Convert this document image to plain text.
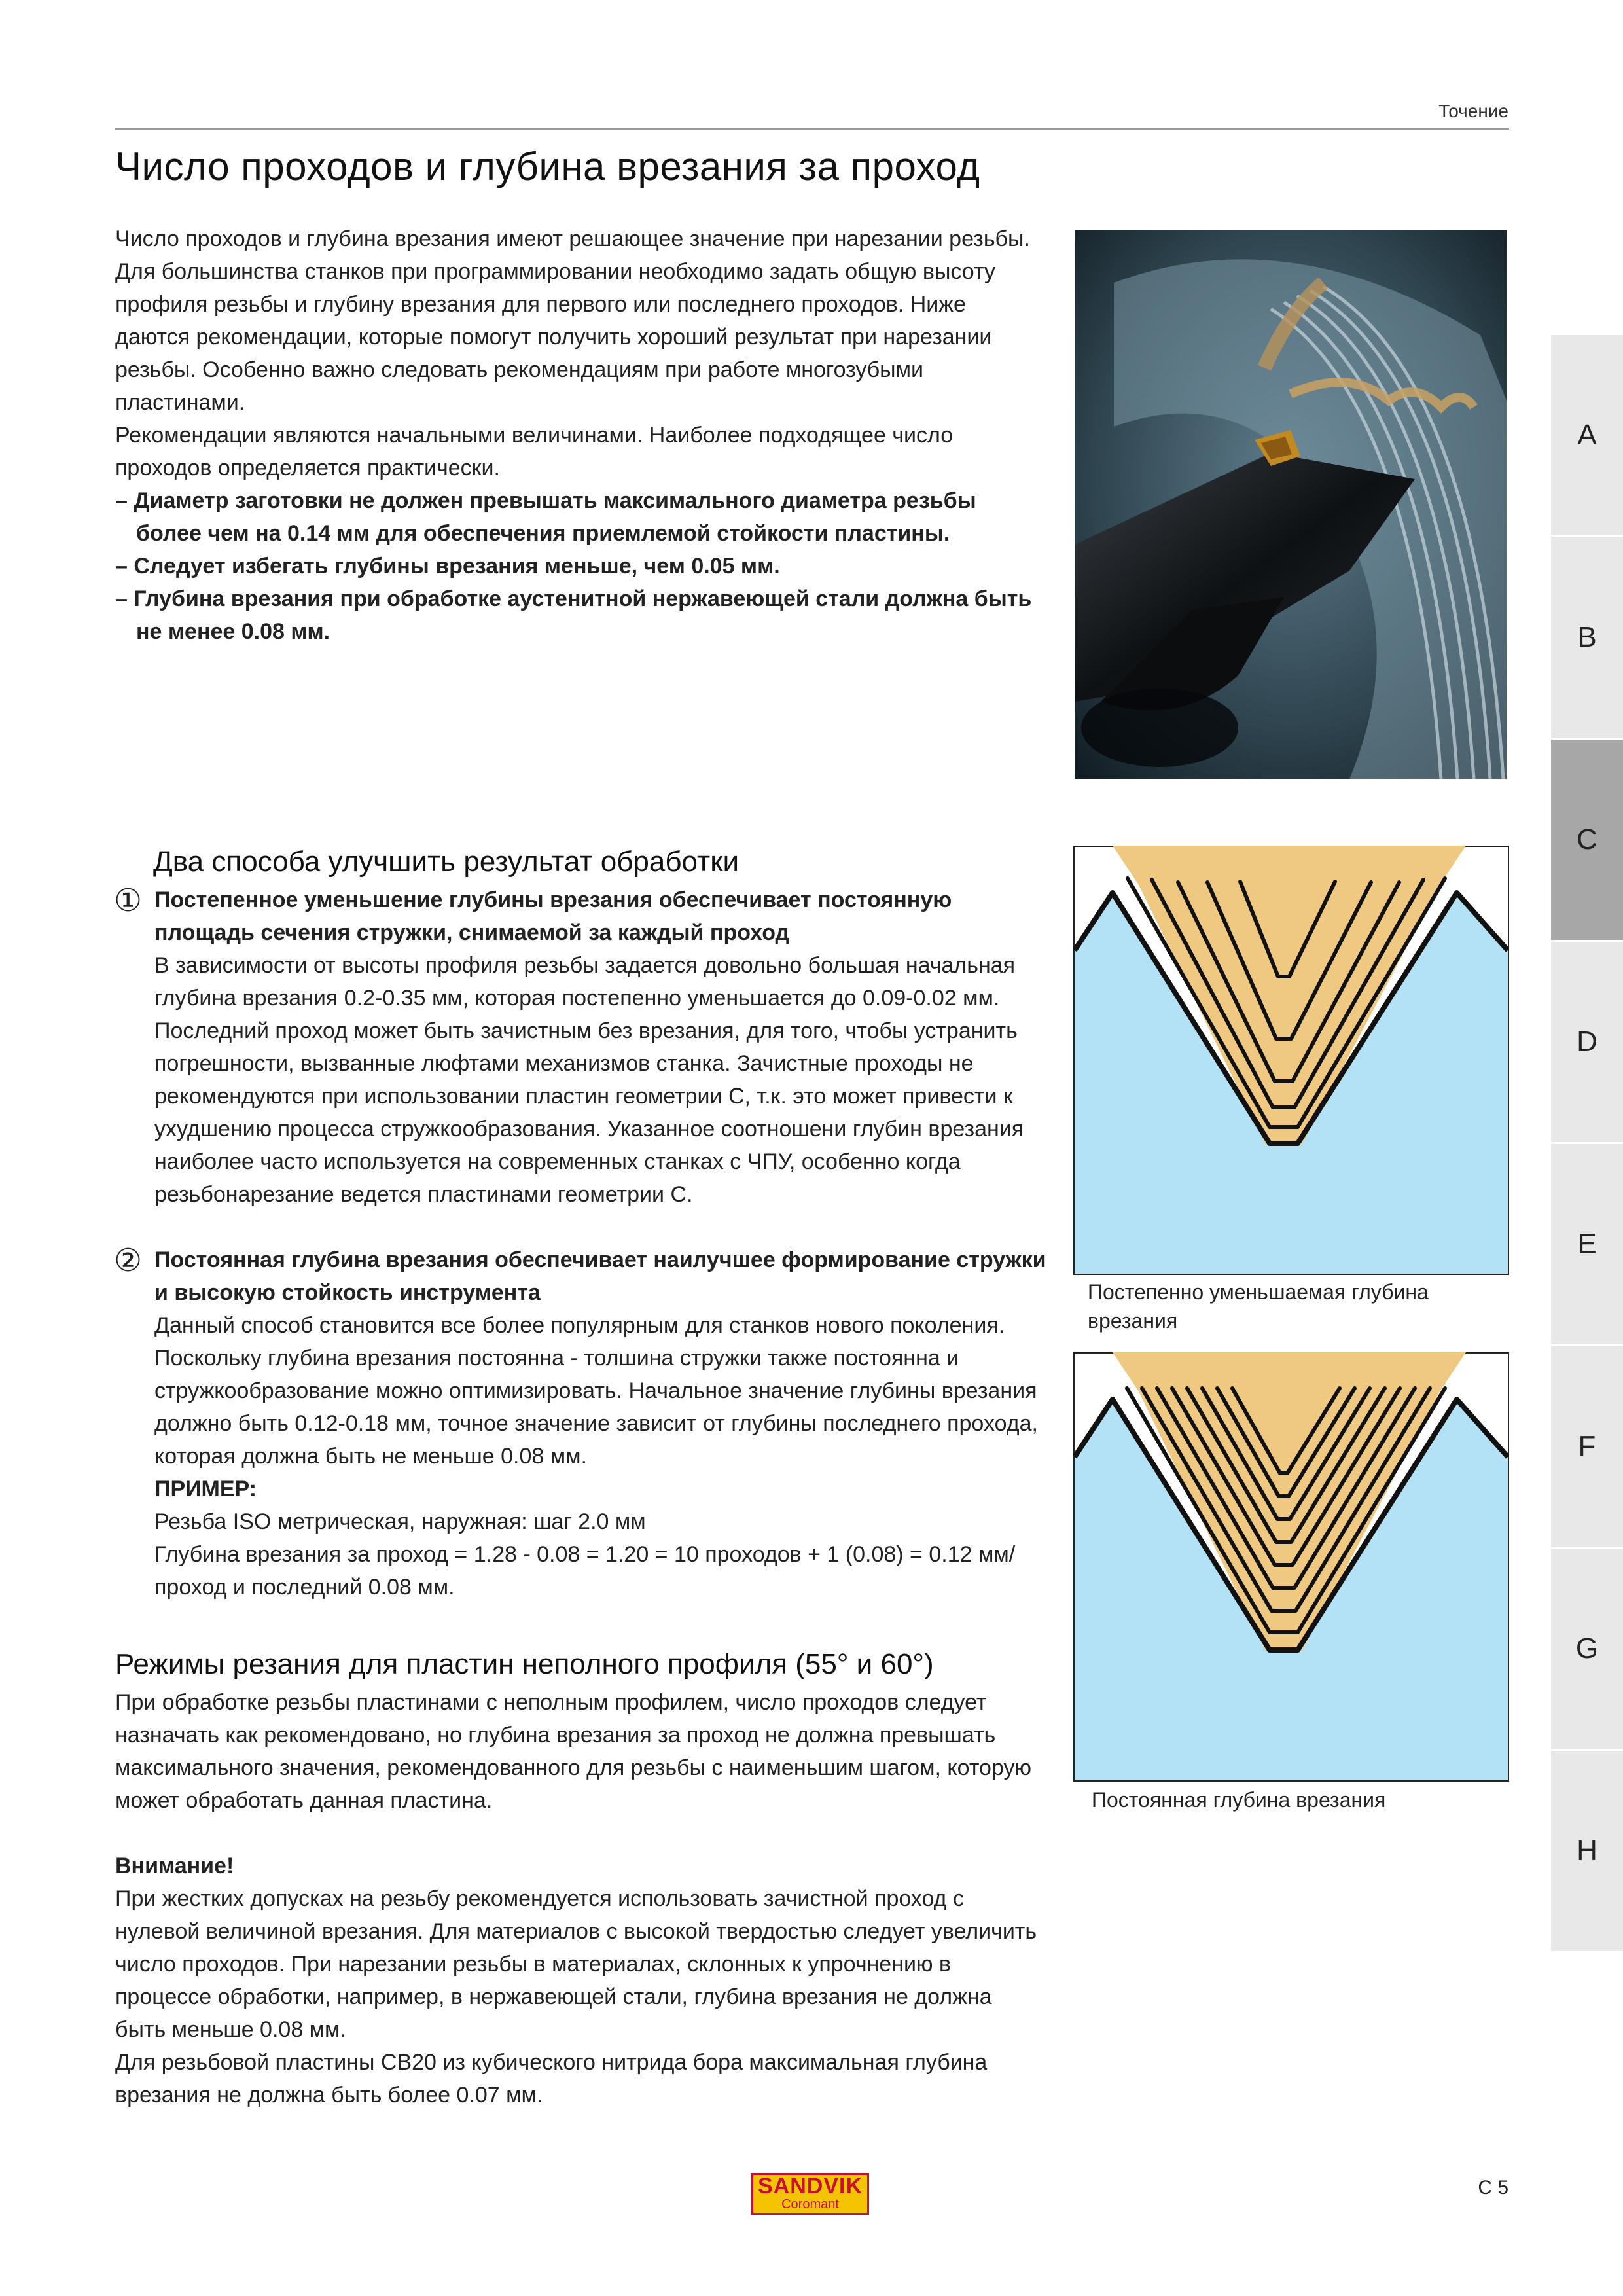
Точение
Число проходов и глубина врезания за проход

Число проходов и глубина врезания имеют решающее значение при нарезании резьбы. Для большинства станков при программировании необходимо задать общую высоту профиля резьбы и глубину врезания для первого или последнего проходов. Ниже даются рекомендации, которые помогут получить хороший результат при нарезании резьбы. Особенно важно следовать рекомендациям при работе многозубыми пластинами.

Рекомендации являются начальными величинами. Наиболее подходящее число проходов определяется практически.

– Диаметр заготовки не должен превышать максимального диаметра резьбы более чем на 0.14 мм для обеспечения приемлемой стойкости пластины.

– Следует избегать глубины врезания меньше, чем 0.05 мм.

– Глубина врезания при обработке аустенитной нержавеющей стали должна быть не менее 0.08 мм.

Два способа улучшить результат обработки
① Постепенное уменьшение глубины врезания обеспечивает постоянную площадь сечения стружки, снимаемой за каждый проход

В зависимости от высоты профиля резьбы задается довольно большая начальная глубина врезания 0.2-0.35 мм, которая постепенно уменьшается до 0.09-0.02 мм. Последний проход может быть зачистным без врезания, для того, чтобы устранить погрешности, вызванные люфтами механизмов станка. Зачистные проходы не рекомендуются при использовании пластин геометрии C, т.к. это может привести к ухудшению процесса стружкообразования. Указанное соотношени глубин врезания наиболее часто используется на современных станках с ЧПУ, особенно когда резьбонарезание ведется пластинами геометрии C.

② Постоянная глубина врезания обеспечивает наилучшее формирование стружки и высокую стойкость инструмента

Данный способ становится все более популярным для станков нового поколения. Поскольку глубина врезания постоянна - толшина стружки также постоянна и стружкообразование можно оптимизировать. Начальное значение глубины врезания должно быть 0.12-0.18 мм, точное значение зависит от глубины последнего прохода, которая должна быть не меньше 0.08 мм.

ПРИМЕР:

Резьба ISO метрическая, наружная: шаг 2.0 мм

Глубина врезания за проход = 1.28 - 0.08 = 1.20 = 10 проходов + 1 (0.08) = 0.12 мм/проход и последний 0.08 мм.

Режимы резания для пластин неполного профиля (55° и 60°)

При обработке резьбы пластинами с неполным профилем, число проходов следует назначать как рекомендовано, но глубина врезания за проход не должна превышать максимального значения, рекомендованного для резьбы с наименьшим шагом, которую может обработать данная пластина.

Внимание!

При жестких допусках на резьбу рекомендуется использовать зачистной проход с нулевой величиной врезания. Для материалов с высокой твердостью следует увеличить число проходов. При нарезании резьбы в материалах, склонных к упрочнению в процессе обработки, например, в нержавеющей стали, глубина врезания не должна быть меньше 0.08 мм.

Для резьбовой пластины CB20 из кубического нитрида бора максимальная глубина врезания не должна быть более 0.07 мм.

Постепенно уменьшаемая глубина врезания
Постоянная глубина врезания
A
B
C
D
E
F
G
H
SANDVIK
Coromant
C 5
